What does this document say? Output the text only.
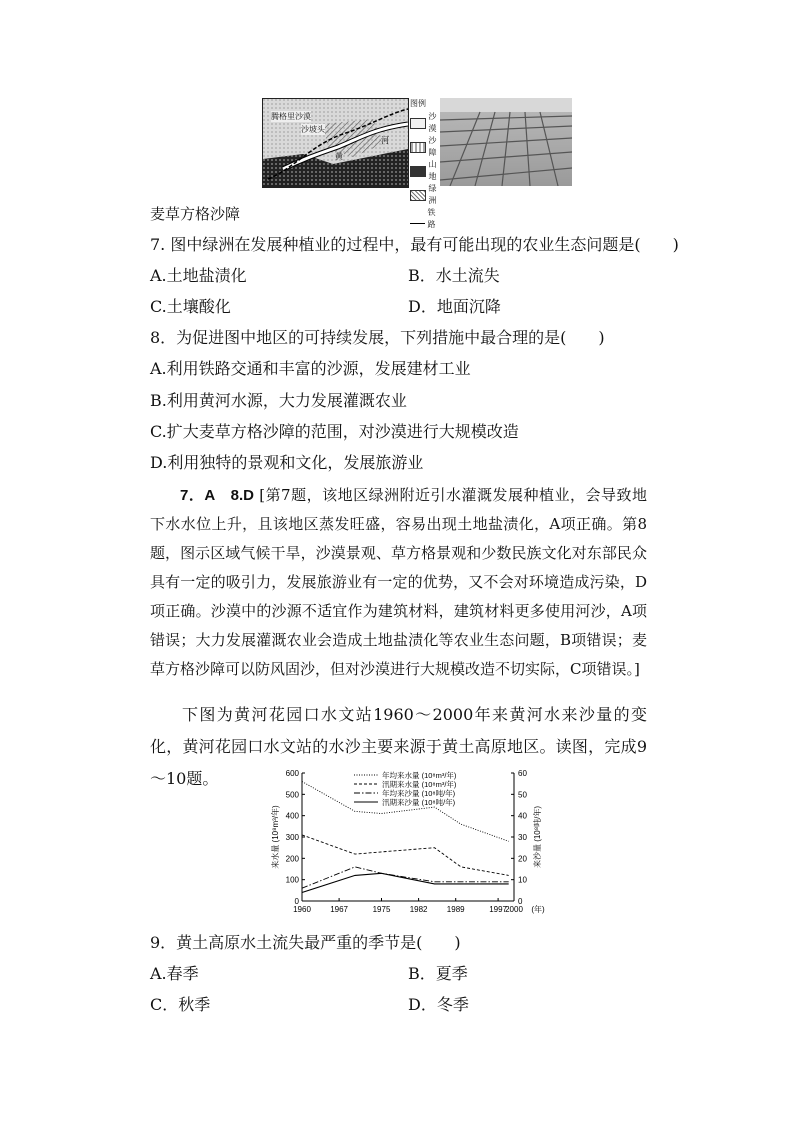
腾格里沙漠
沙坡头
黄
河
图例
沙漠
沙障
山地
绿洲
铁路
麦草方格沙障
7. 图中绿洲在发展种植业的过程中，最有可能出现的农业生态问题是(　　)
A.土地盐渍化	B．水土流失
C.土壤酸化	D．地面沉降
8．为促进图中地区的可持续发展，下列措施中最合理的是(　　)
A.利用铁路交通和丰富的沙源，发展建材工业
B.利用黄河水源，大力发展灌溉农业
C.扩大麦草方格沙障的范围，对沙漠进行大规模改造
D.利用独特的景观和文化，发展旅游业
7．A　8.D [第7题，该地区绿洲附近引水灌溉发展种植业，会导致地下水水位上升，且该地区蒸发旺盛，容易出现土地盐渍化，A项正确。第8题，图示区域气候干旱，沙漠景观、草方格景观和少数民族文化对东部民众具有一定的吸引力，发展旅游业有一定的优势，又不会对环境造成污染，D项正确。沙漠中的沙源不适宜作为建筑材料，建筑材料更多使用河沙，A项错误；大力发展灌溉农业会造成土地盐渍化等农业生态问题，B项错误；麦草方格沙障可以防风固沙，但对沙漠进行大规模改造不切实际，C项错误。]
下图为黄河花园口水文站1960～2000年来黄河水来沙量的变化，黄河花园口水文站的水沙主要来源于黄土高原地区。读图，完成9～10题。
0
100
200
300
400
500
600
0
10
20
30
40
50
60
1960 1967	1975 1982 1989	1997
2000 (年)
来水量 (10⁸m³/年)	来沙量 (10⁸吨/年)
年均来水量 (10⁸m³/年)
汛期来水量 (10⁸m³/年)
年均来沙量 (10⁸吨/年)
汛期来沙量 (10⁸吨/年)
9．黄土高原水土流失最严重的季节是(　　)
A.春季	B．夏季
C．秋季	D．冬季
